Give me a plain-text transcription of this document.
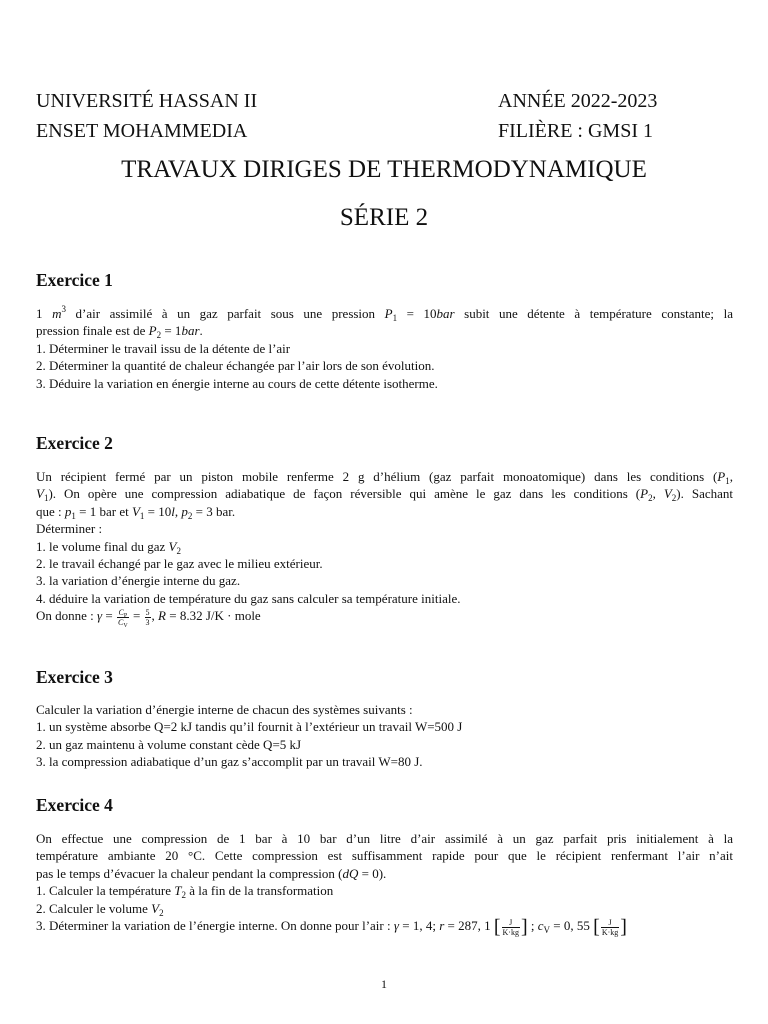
UNIVERSITÉ HASSAN II
ENSET MOHAMMEDIA
ANNÉE 2022-2023
FILIÈRE : GMSI 1
TRAVAUX DIRIGES DE THERMODYNAMIQUE
SÉRIE 2
Exercice 1
1 $m^3$ d’air assimilé à un gaz parfait sous une pression $P_1 = 10bar$ subit une détente à température constante; la
pression finale est de $P_2 = 1bar$.
1. Déterminer le travail issu de la détente de l’air
2. Déterminer la quantité de chaleur échangée par l’air lors de son évolution.
3. Déduire la variation en énergie interne au cours de cette détente isotherme.
Exercice 2
Un récipient fermé par un piston mobile renferme 2 g d’hélium (gaz parfait monoatomique) dans les conditions ($P_1$,
$V_1$). On opère une compression adiabatique de façon réversible qui amène le gaz dans les conditions ($P_2$, $V_2$). Sachant
que : $p_1 = 1$ bar et $V_1 = 10l$, $p_2 = 3$ bar.
Déterminer :
1. le volume final du gaz $V_2$
2. le travail échangé par le gaz avec le milieu extérieur.
3. la variation d’énergie interne du gaz.
4. déduire la variation de température du gaz sans calculer sa température initiale.
On donne : $\gamma = \frac{C_P}{C_V} = \frac{5}{3}$ , R = 8.32 J/K · mole
Exercice 3
Calculer la variation d’énergie interne de chacun des systèmes suivants :
1. un système absorbe Q=2 kJ tandis qu’il fournit à l’extérieur un travail W=500 J
2. un gaz maintenu à volume constant cède Q=5 kJ
3. la compression adiabatique d’un gaz s’accomplit par un travail W=80 J.
Exercice 4
On effectue une compression de 1 bar à 10 bar d’un litre d’air assimilé à un gaz parfait pris initialement à la
température ambiante 20 °C. Cette compression est suffisamment rapide pour que le récipient renfermant l’air n’ait
pas le temps d’évacuer la chaleur pendant la compression (dQ = 0).
1. Calculer la température $T_2$ à la fin de la transformation
2. Calculer le volume $V_2$
3. Déterminer la variation de l’énergie interne. On donne pour l’air : γ = 1, 4; r = 287, 1 [ $\frac{J}{K\cdot kg}$ ] ; $c_V = 0$, 55 [ $\frac{J}{K\cdot kg}$ ]
1
